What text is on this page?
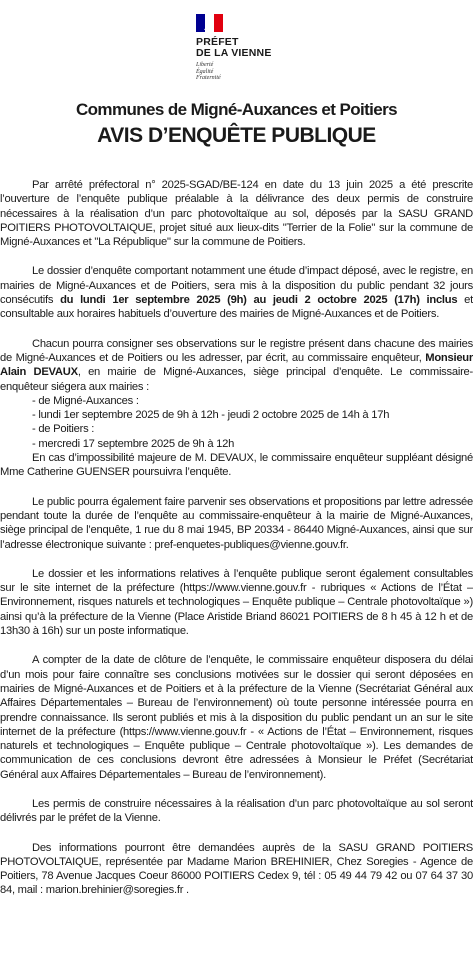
PRÉFET
DE LA VIENNE
Liberté
Égalité
Fraternité
Communes de Migné-Auxances et Poitiers
AVIS D’ENQUÊTE PUBLIQUE

Par arrêté préfectoral n° 2025-SGAD/BE-124 en date du 13 juin 2025 a été prescrite l’ouverture de l’enquête publique préalable à la délivrance des deux permis de construire nécessaires à la réalisation d’un parc photovoltaïque au sol, déposés par la SASU GRAND POITIERS PHOTOVOLTAIQUE, projet situé aux lieux-dits "Terrier de la Folie" sur la commune de Migné-Auxances et "La République" sur la commune de Poitiers.

Le dossier d’enquête comportant notamment une étude d’impact déposé, avec le registre, en mairies de Migné-Auxances et de Poitiers, sera mis à la disposition du public pendant 32 jours consécutifs du lundi 1er septembre 2025 (9h) au jeudi 2 octobre 2025 (17h) inclus et consultable aux horaires habituels d’ouverture des mairies de Migné-Auxances et de Poitiers.

Chacun pourra consigner ses observations sur le registre présent dans chacune des mairies de Migné-Auxances et de Poitiers ou les adresser, par écrit, au commissaire enquêteur, Monsieur Alain DEVAUX, en mairie de Migné-Auxances, siège principal d’enquête. Le commissaire-enquêteur siégera aux mairies :

- de Migné-Auxances :
- lundi 1er septembre 2025 de 9h à 12h - jeudi 2 octobre 2025 de 14h à 17h
- de Poitiers :
- mercredi 17 septembre 2025 de 9h à 12h

En cas d’impossibilité majeure de M. DEVAUX, le commissaire enquêteur suppléant désigné Mme Catherine GUENSER poursuivra l’enquête.

Le public pourra également faire parvenir ses observations et propositions par lettre adressée pendant toute la durée de l’enquête au commissaire-enquêteur à la mairie de Migné-Auxances, siège principal de l’enquête, 1 rue du 8 mai 1945, BP 20334 - 86440 Migné-Auxances, ainsi que sur l’adresse électronique suivante : pref-enquetes-publiques@vienne.gouv.fr.

Le dossier et les informations relatives à l’enquête publique seront également consultables sur le site internet de la préfecture (https://www.vienne.gouv.fr - rubriques « Actions de l’État – Environnement, risques naturels et technologiques – Enquête publique – Centrale photovoltaïque ») ainsi qu’à la préfecture de la Vienne (Place Aristide Briand 86021 POITIERS de 8 h 45 à 12 h et de 13h30 à 16h) sur un poste informatique.

A compter de la date de clôture de l’enquête, le commissaire enquêteur disposera du délai d’un mois pour faire connaître ses conclusions motivées sur le dossier qui seront déposées en mairies de Migné-Auxances et de Poitiers et à la préfecture de la Vienne (Secrétariat Général aux Affaires Départementales – Bureau de l’environnement) où toute personne intéressée pourra en prendre connaissance. Ils seront publiés et mis à la disposition du public pendant un an sur le site internet de la préfecture (https://www.vienne.gouv.fr - « Actions de l’État – Environnement, risques naturels et technologiques – Enquête publique – Centrale photovoltaïque »). Les demandes de communication de ces conclusions devront être adressées à Monsieur le Préfet (Secrétariat Général aux Affaires Départementales – Bureau de l’environnement).

Les permis de construire nécessaires à la réalisation d’un parc photovoltaïque au sol seront délivrés par le préfet de la Vienne.

Des informations pourront être demandées auprès de la SASU GRAND POITIERS PHOTOVOLTAIQUE, représentée par Madame Marion BREHINIER, Chez Soregies - Agence de Poitiers, 78 Avenue Jacques Coeur 86000 POITIERS Cedex 9, tél : 05 49 44 79 42 ou 07 64 37 30 84, mail : marion.brehinier@soregies.fr .
